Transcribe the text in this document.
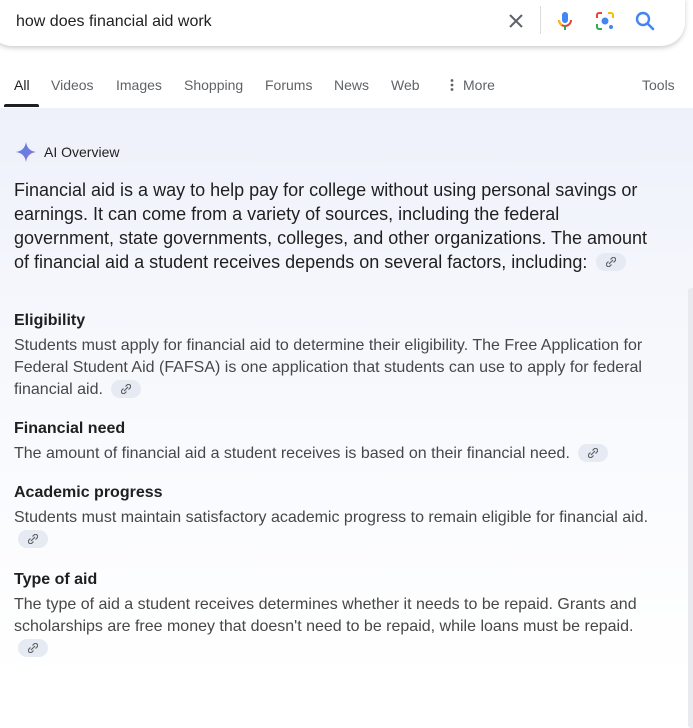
how does financial aid work
All Videos Images Shopping Forums News Web	More	Tools
AI Overview
Financial aid is a way to help pay for college without using personal savings or earnings. It can come from a variety of sources, including the federal government, state governments, colleges, and other organizations. The amount of financial aid a student receives depends on several factors, including:
Eligibility
Students must apply for financial aid to determine their eligibility. The Free Application for Federal Student Aid (FAFSA) is one application that students can use to apply for federal financial aid.
Financial need
The amount of financial aid a student receives is based on their financial need.
Academic progress
Students must maintain satisfactory academic progress to remain eligible for financial aid.
Type of aid
The type of aid a student receives determines whether it needs to be repaid. Grants and scholarships are free money that doesn't need to be repaid, while loans must be repaid.
